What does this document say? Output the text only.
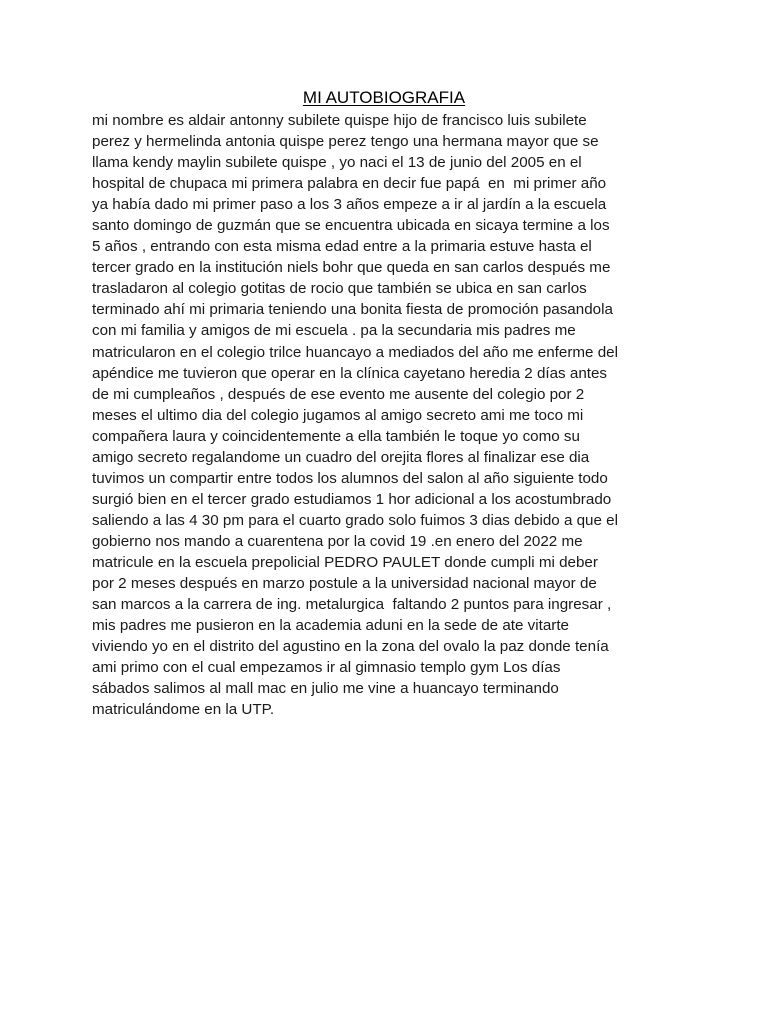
MI AUTOBIOGRAFIA
mi nombre es aldair antonny subilete quispe hijo de francisco luis subilete
perez y hermelinda antonia quispe perez tengo una hermana mayor que se
llama kendy maylin subilete quispe , yo naci el 13 de junio del 2005 en el
hospital de chupaca mi primera palabra en decir fue papá  en  mi primer año
ya había dado mi primer paso a los 3 años empeze a ir al jardín a la escuela
santo domingo de guzmán que se encuentra ubicada en sicaya termine a los
5 años , entrando con esta misma edad entre a la primaria estuve hasta el
tercer grado en la institución niels bohr que queda en san carlos después me
trasladaron al colegio gotitas de rocio que también se ubica en san carlos
terminado ahí mi primaria teniendo una bonita fiesta de promoción pasandola
con mi familia y amigos de mi escuela . pa la secundaria mis padres me
matricularon en el colegio trilce huancayo a mediados del año me enferme del
apéndice me tuvieron que operar en la clínica cayetano heredia 2 días antes
de mi cumpleaños , después de ese evento me ausente del colegio por 2
meses el ultimo dia del colegio jugamos al amigo secreto ami me toco mi
compañera laura y coincidentemente a ella también le toque yo como su
amigo secreto regalandome un cuadro del orejita flores al finalizar ese dia
tuvimos un compartir entre todos los alumnos del salon al año siguiente todo
surgió bien en el tercer grado estudiamos 1 hor adicional a los acostumbrado
saliendo a las 4 30 pm para el cuarto grado solo fuimos 3 dias debido a que el
gobierno nos mando a cuarentena por la covid 19 .en enero del 2022 me
matricule en la escuela prepolicial PEDRO PAULET donde cumpli mi deber
por 2 meses después en marzo postule a la universidad nacional mayor de
san marcos a la carrera de ing. metalurgica  faltando 2 puntos para ingresar ,
mis padres me pusieron en la academia aduni en la sede de ate vitarte
viviendo yo en el distrito del agustino en la zona del ovalo la paz donde tenía
ami primo con el cual empezamos ir al gimnasio templo gym Los días
sábados salimos al mall mac en julio me vine a huancayo terminando
matriculándome en la UTP.
